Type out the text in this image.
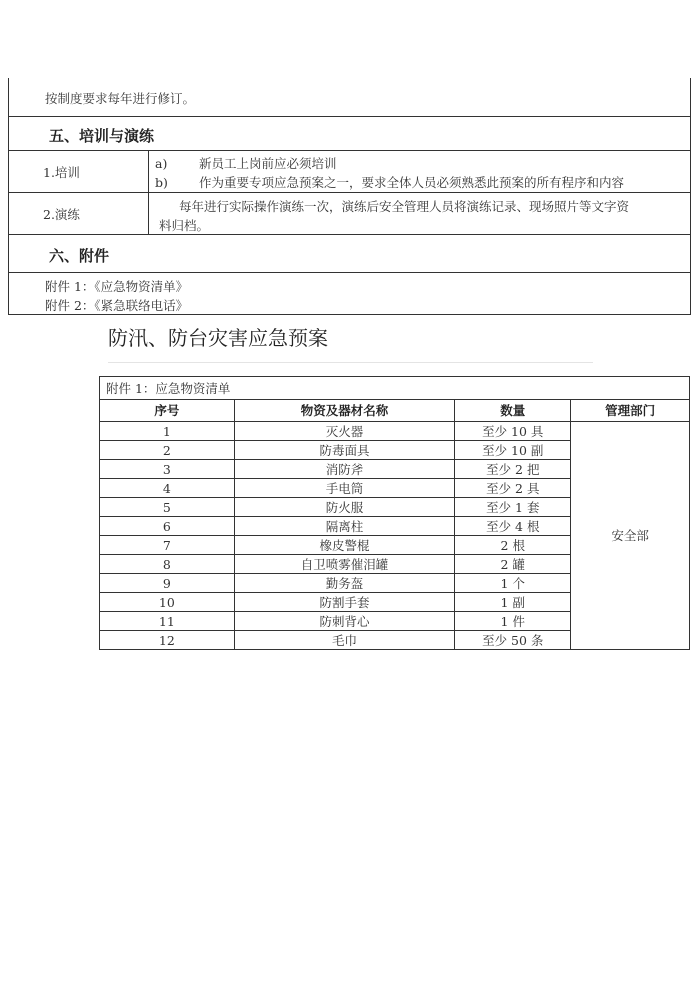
按制度要求每年进行修订。
五、培训与演练
1.培训
a)	新员工上岗前应必须培训
b) 作为重要专项应急预案之一，要求全体人员必须熟悉此预案的所有程序和内容
2.演练	每年进行实际操作演练一次，演练后安全管理人员将演练记录、现场照片等文字资
料归档。
六、附件
附件 1：《应急物资清单》
附件 2：《紧急联络电话》
防汛、防台灾害应急预案
附件 1：应急物资清单			
序号	物资及器材名称	数量	管理部门
1	灭火器	至少 10 具	安全部
2	防毒面具	至少 10 副	
3	消防斧	至少 2 把	
4	手电筒	至少 2 具	
5	防火服	至少 1 套	
6	隔离柱	至少 4 根	
7	橡皮警棍	2 根	
8	自卫喷雾催泪罐	2 罐	
9	勤务盔	1 个	
10	防割手套	1 副	
11	防刺背心	1 件	
12	毛巾	至少 50 条	
